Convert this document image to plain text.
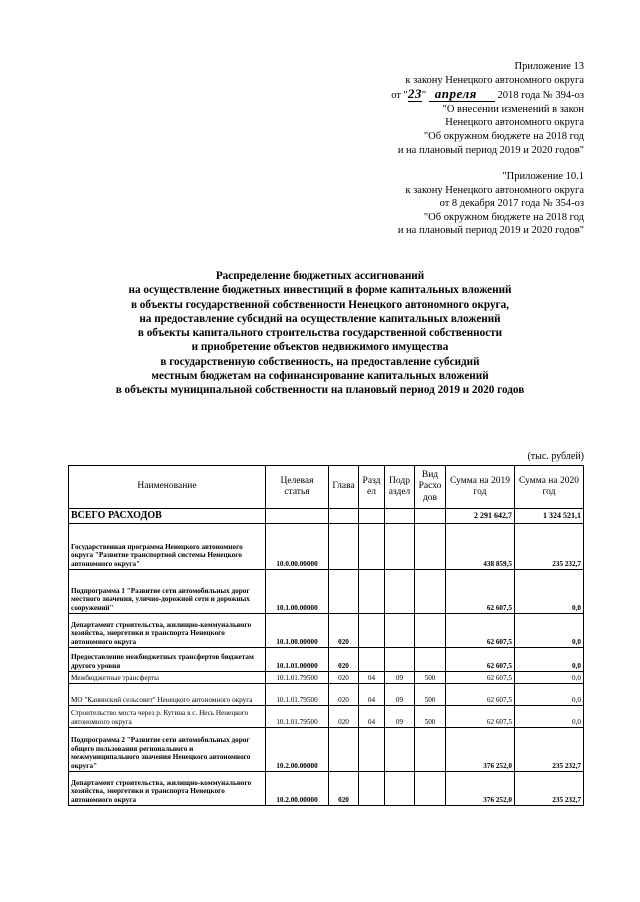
Приложение 13
к закону Ненецкого автономного округа
от "23" апреля 2018 года № 394-оз
"О внесении изменений в закон
Ненецкого автономного округа
"Об окружном бюджете на 2018 год
и на плановый период 2019 и 2020 годов"
"Приложение 10.1
к закону Ненецкого автономного округа
от 8 декабря 2017 года № 354-оз
"Об окружном бюджете на 2018 год
и на плановый период 2019 и 2020 годов"
Распределение бюджетных ассигнований
на осуществление бюджетных инвестиций в форме капитальных вложений
в объекты государственной собственности Ненецкого автономного округа,
на предоставление субсидий на осуществление капитальных вложений
в объекты капитального строительства государственной собственности
и приобретение объектов недвижимого имущества
в государственную собственность, на предоставление субсидий
местным бюджетам на софинансирование капитальных вложений
в объекты муниципальной собственности на плановый период 2019 и 2020 годов
(тыс. рублей)
Наименование	Целевая статья	Глава	Разд ел	Подр аздел	Вид Расхо дов	Сумма на 2019 год	Сумма на 2020 год
ВСЕГО РАСХОДОВ						2 291 642,7	1 324 521,1
Государственная программа Ненецкого автономного округа "Развитие транспортной системы Ненецкого автономного округа"	10.0.00.00000					438 859,5	235 232,7
Подпрограмма 1 "Развитие сети автомобильных дорог местного значения, улично-дорожной сети и дорожных сооружений"	10.1.00.00000					62 607,5	0,0
Департамент строительства, жилищно-коммунального хозяйства, энергетики и транспорта Ненецкого автономного округа	10.1.00.00000	020				62 607,5	0,0
Предоставление межбюджетных трансфертов бюджетам другого уровня	10.1.01.00000	020				62 607,5	0,0
Межбюджетные трансферты	10.1.01.79500	020	04	09	500	62 607,5	0,0
МО "Канинский сельсовет" Ненецкого автономного округа	10.1.01.79500	020	04	09	500	62 607,5	0,0
Строительство моста через р. Кутина в с. Несь Ненецкого автономного округа	10.1.01.79500	020	04	09	500	62 607,5	0,0
Подпрограмма 2 "Развитие сети автомобильных дорог общего пользования регионального и межмуниципального значения Ненецкого автономного округа"	10.2.00.00000					376 252,0	235 232,7
Департамент строительства, жилищно-коммунального хозяйства, энергетики и транспорта Ненецкого автономного округа	10.2.00.00000	020				376 252,0	235 232,7
